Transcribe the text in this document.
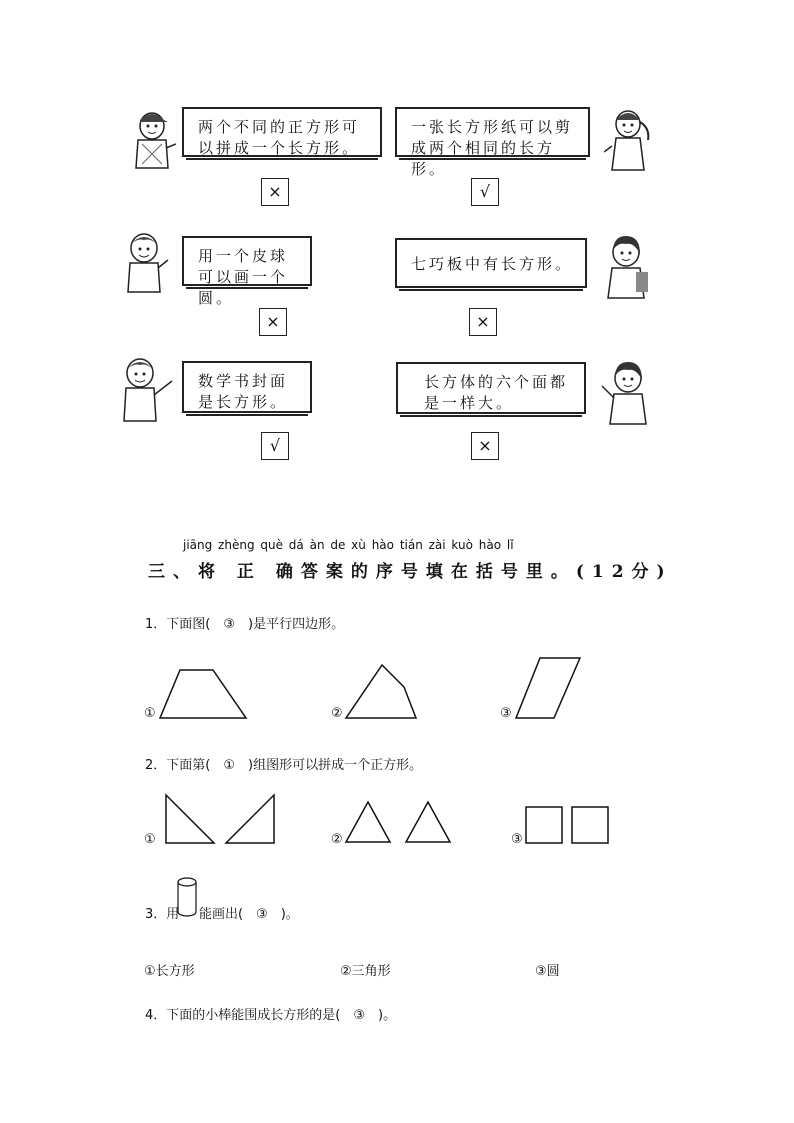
两个不同的正方形可以拼成一个长方形。
×
一张长方形纸可以剪成两个相同的长方形。
√
用一个皮球可以画一个圆。
×
七巧板中有长方形。
×
数学书封面是长方形。
√
长方体的六个面都是一样大。
×
jiāng zhèng què dá àn de xù hào tián zài kuò hào lǐ
三、将 正 确答案的序号填在括号里。(12分)
1．下面图(　③　)是平行四边形。
①	②	③
2．下面第(　①　)组图形可以拼成一个正方形。
①	②	③
3．用 能画出(　③　)。
①长方形	②三角形	③圆
4．下面的小棒能围成长方形的是(　③　)。
